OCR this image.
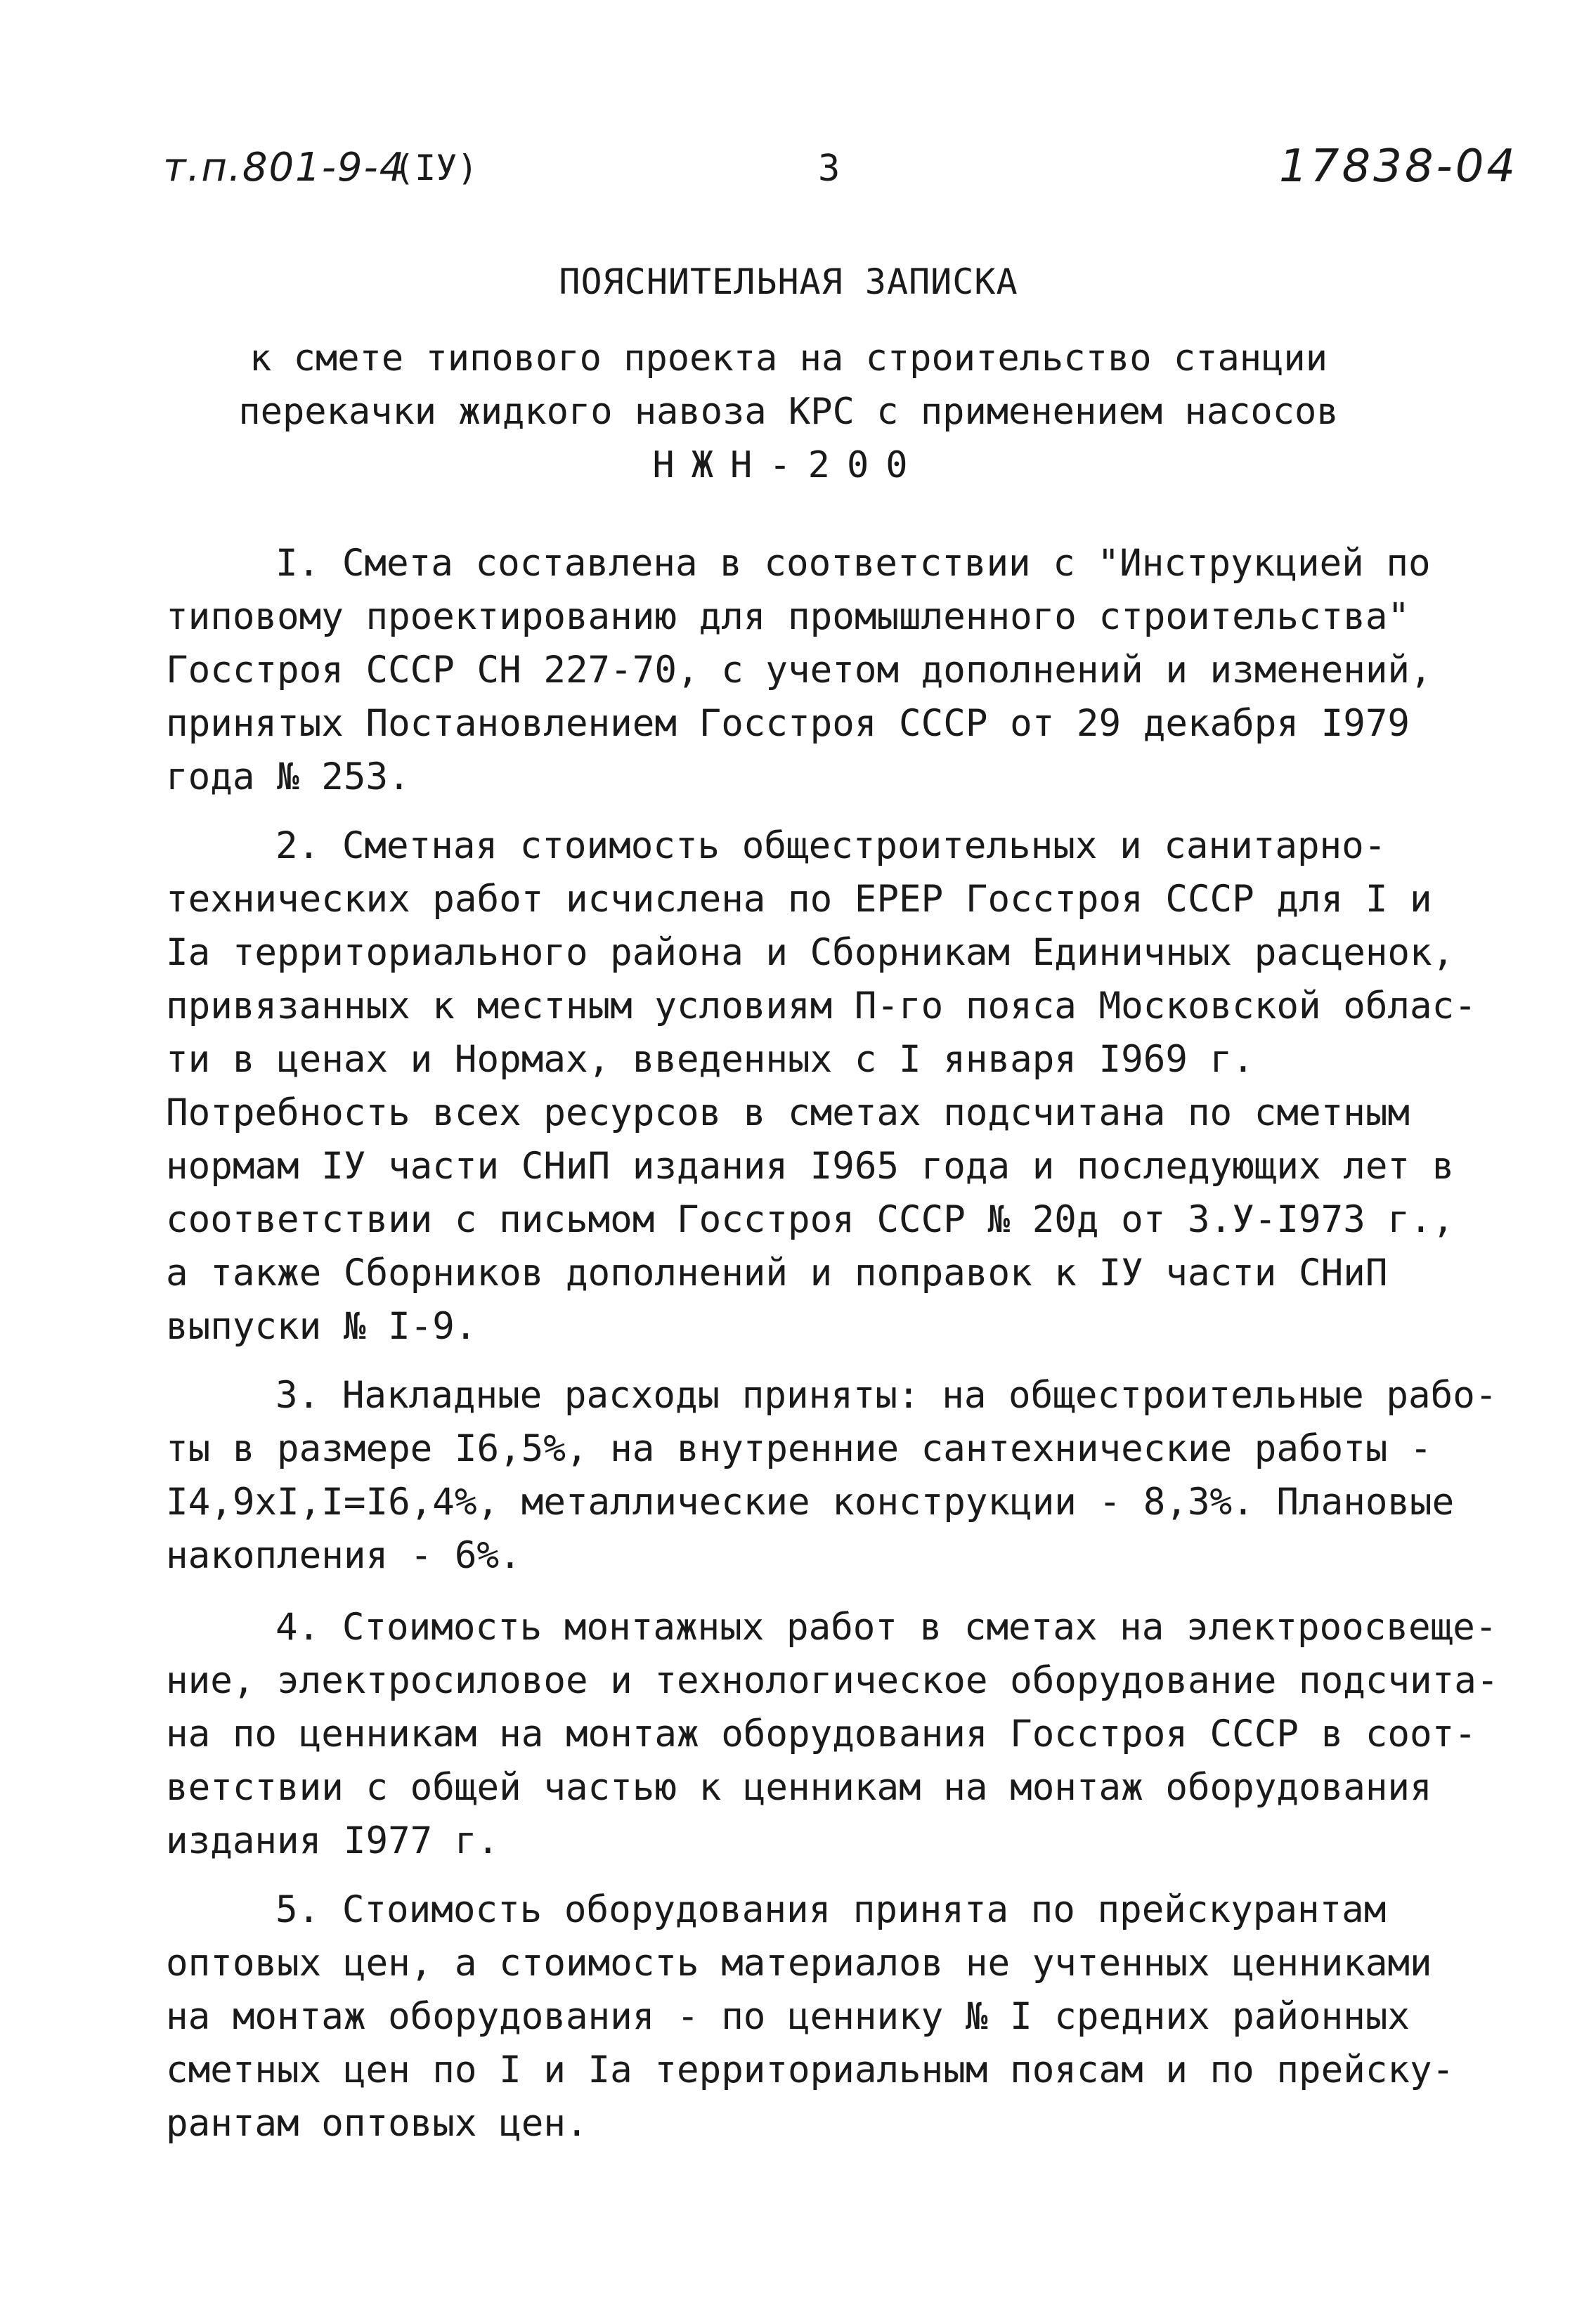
т.п.801-9-4
(IУ)	3	17838-04
ПОЯСНИТЕЛЬНАЯ ЗАПИСКА
к смете типового проекта на строительство станции
перекачки жидкого навоза КРС с применением насосов
НЖН-200
I. Смета составлена в соответствии с "Инструкцией по
типовому проектированию для промышленного строительства"
Госстроя СССР СН 227-70, с учетом дополнений и изменений,
принятых Постановлением Госстроя СССР от 29 декабря I979
года № 253.
2. Сметная стоимость общестроительных и санитарно-
технических работ исчислена по ЕРЕР Госстроя СССР для I и
Iа территориального района и Сборникам Единичных расценок,
привязанных к местным условиям П-го пояса Московской облас-
ти в ценах и Нормах, введенных с I января I969 г.
Потребность всех ресурсов в сметах подсчитана по сметным
нормам IУ части СНиП издания I965 года и последующих лет в
соответствии с письмом Госстроя СССР № 20д от 3.У-I973 г.,
а также Сборников дополнений и поправок к IУ части СНиП
выпуски № I-9.
3. Накладные расходы приняты: на общестроительные рабо-
ты в размере I6,5%, на внутренние сантехнические работы -
I4,9хI,I=I6,4%, металлические конструкции - 8,3%. Плановые
накопления - 6%.
4. Стоимость монтажных работ в сметах на электроосвеще-
ние, электросиловое и технологическое оборудование подсчита-
на по ценникам на монтаж оборудования Госстроя СССР в соот-
ветствии с общей частью к ценникам на монтаж оборудования
издания I977 г.
5. Стоимость оборудования принята по прейскурантам
оптовых цен, а стоимость материалов не учтенных ценниками
на монтаж оборудования - по ценнику № I средних районных
сметных цен по I и Iа территориальным поясам и по прейску-
рантам оптовых цен.
